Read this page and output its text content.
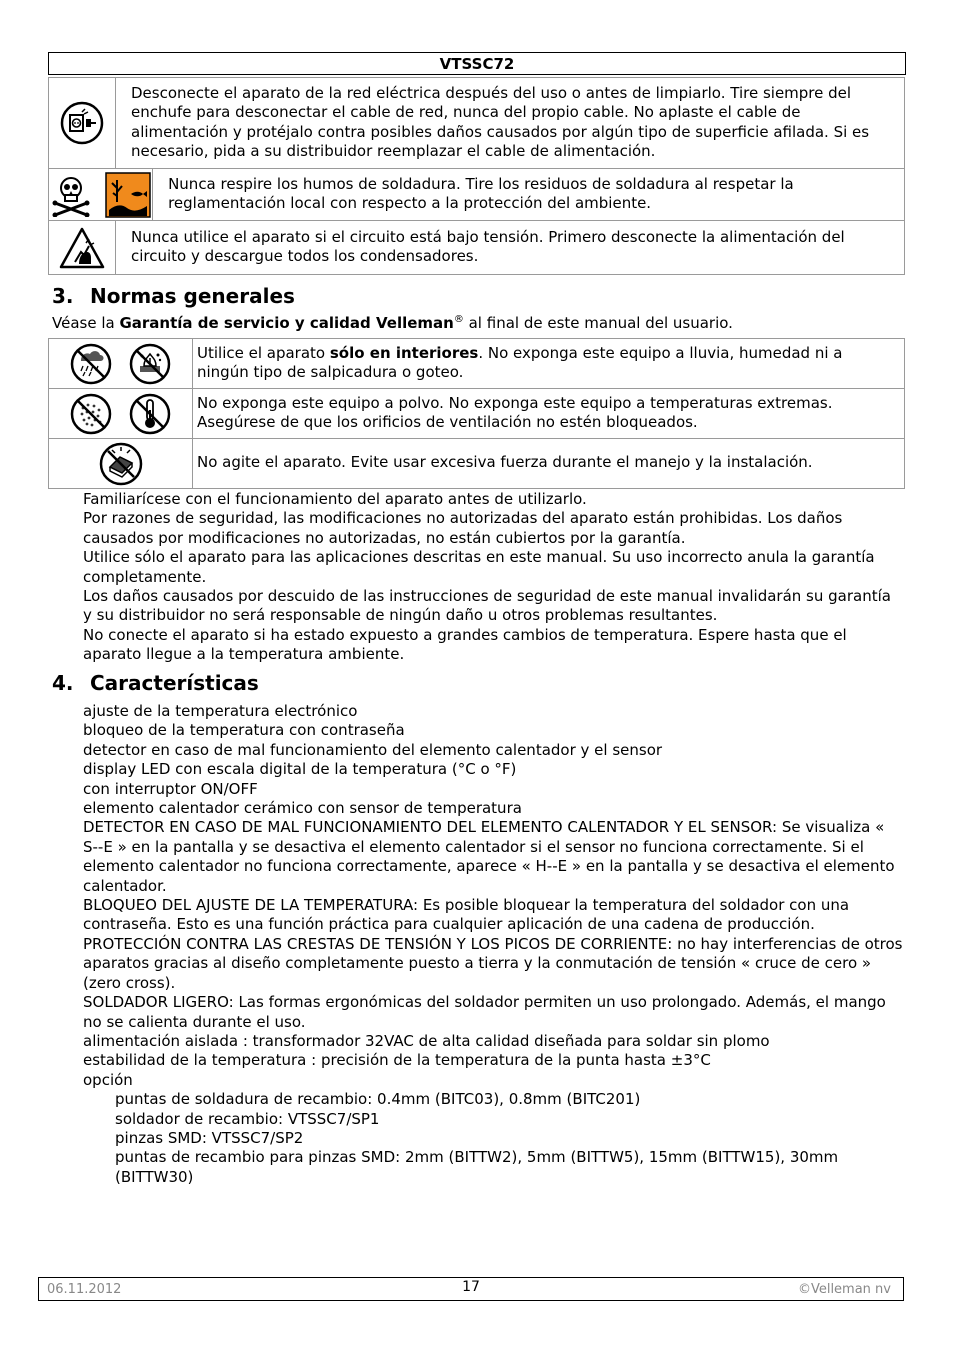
VTSSC72
	Desconecte el aparato de la red eléctrica después del uso o antes de limpiarlo. Tire siempre del enchufe para desconectar el cable de red, nunca del propio cable. No aplaste el cable de alimentación y protéjalo contra posibles daños causados por algún tipo de superficie afilada. Si es necesario, pida a su distribuidor reemplazar el cable de alimentación.	
	Nunca respire los humos de soldadura. Tire los residuos de soldadura al respetar la reglamentación local con respecto a la protección del ambiente.
	Nunca utilice el aparato si el circuito está bajo tensión. Primero desconecte la alimentación del circuito y descargue todos los condensadores.	
3. Normas generales
Véase la Garantía de servicio y calidad Velleman® al final de este manual del usuario.
	Utilice el aparato sólo en interiores. No exponga este equipo a lluvia, humedad ni a ningún tipo de salpicadura o goteo.
	No exponga este equipo a polvo. No exponga este equipo a temperaturas extremas. Asegúrese de que los orificios de ventilación no estén bloqueados.
	No agite el aparato. Evite usar excesiva fuerza durante el manejo y la instalación.
Familiarícese con el funcionamiento del aparato antes de utilizarlo.
Por razones de seguridad, las modificaciones no autorizadas del aparato están prohibidas. Los daños causados por modificaciones no autorizadas, no están cubiertos por la garantía.
Utilice sólo el aparato para las aplicaciones descritas en este manual. Su uso incorrecto anula la garantía completamente.
Los daños causados por descuido de las instrucciones de seguridad de este manual invalidarán su garantía y su distribuidor no será responsable de ningún daño u otros problemas resultantes.
No conecte el aparato si ha estado expuesto a grandes cambios de temperatura. Espere hasta que el aparato llegue a la temperatura ambiente.
4. Características
ajuste de la temperatura electrónico
bloqueo de la temperatura con contraseña
detector en caso de mal funcionamiento del elemento calentador y el sensor
display LED con escala digital de la temperatura (°C o °F)
con interruptor ON/OFF
elemento calentador cerámico con sensor de temperatura
DETECTOR EN CASO DE MAL FUNCIONAMIENTO DEL ELEMENTO CALENTADOR Y EL SENSOR: Se visualiza « S--E » en la pantalla y se desactiva el elemento calentador si el sensor no funciona correctamente. Si el elemento calentador no funciona correctamente, aparece « H--E » en la pantalla y se desactiva el elemento calentador.
BLOQUEO DEL AJUSTE DE LA TEMPERATURA: Es posible bloquear la temperatura del soldador con una contraseña. Esto es una función práctica para cualquier aplicación de una cadena de producción.
PROTECCIÓN CONTRA LAS CRESTAS DE TENSIÓN Y LOS PICOS DE CORRIENTE: no hay interferencias de otros aparatos gracias al diseño completamente puesto a tierra y la conmutación de tensión « cruce de cero » (zero cross).
SOLDADOR LIGERO: Las formas ergonómicas del soldador permiten un uso prolongado. Además, el mango no se calienta durante el uso.
alimentación aislada : transformador 32VAC de alta calidad diseñada para soldar sin plomo
estabilidad de la temperatura : precisión de la temperatura de la punta hasta ±3°C
opción
puntas de soldadura de recambio: 0.4mm (BITC03), 0.8mm (BITC201)
soldador de recambio: VTSSC7/SP1
pinzas SMD: VTSSC7/SP2
puntas de recambio para pinzas SMD: 2mm (BITTW2), 5mm (BITTW5), 15mm (BITTW15), 30mm (BITTW30)
06.11.2012	17	©Velleman nv
